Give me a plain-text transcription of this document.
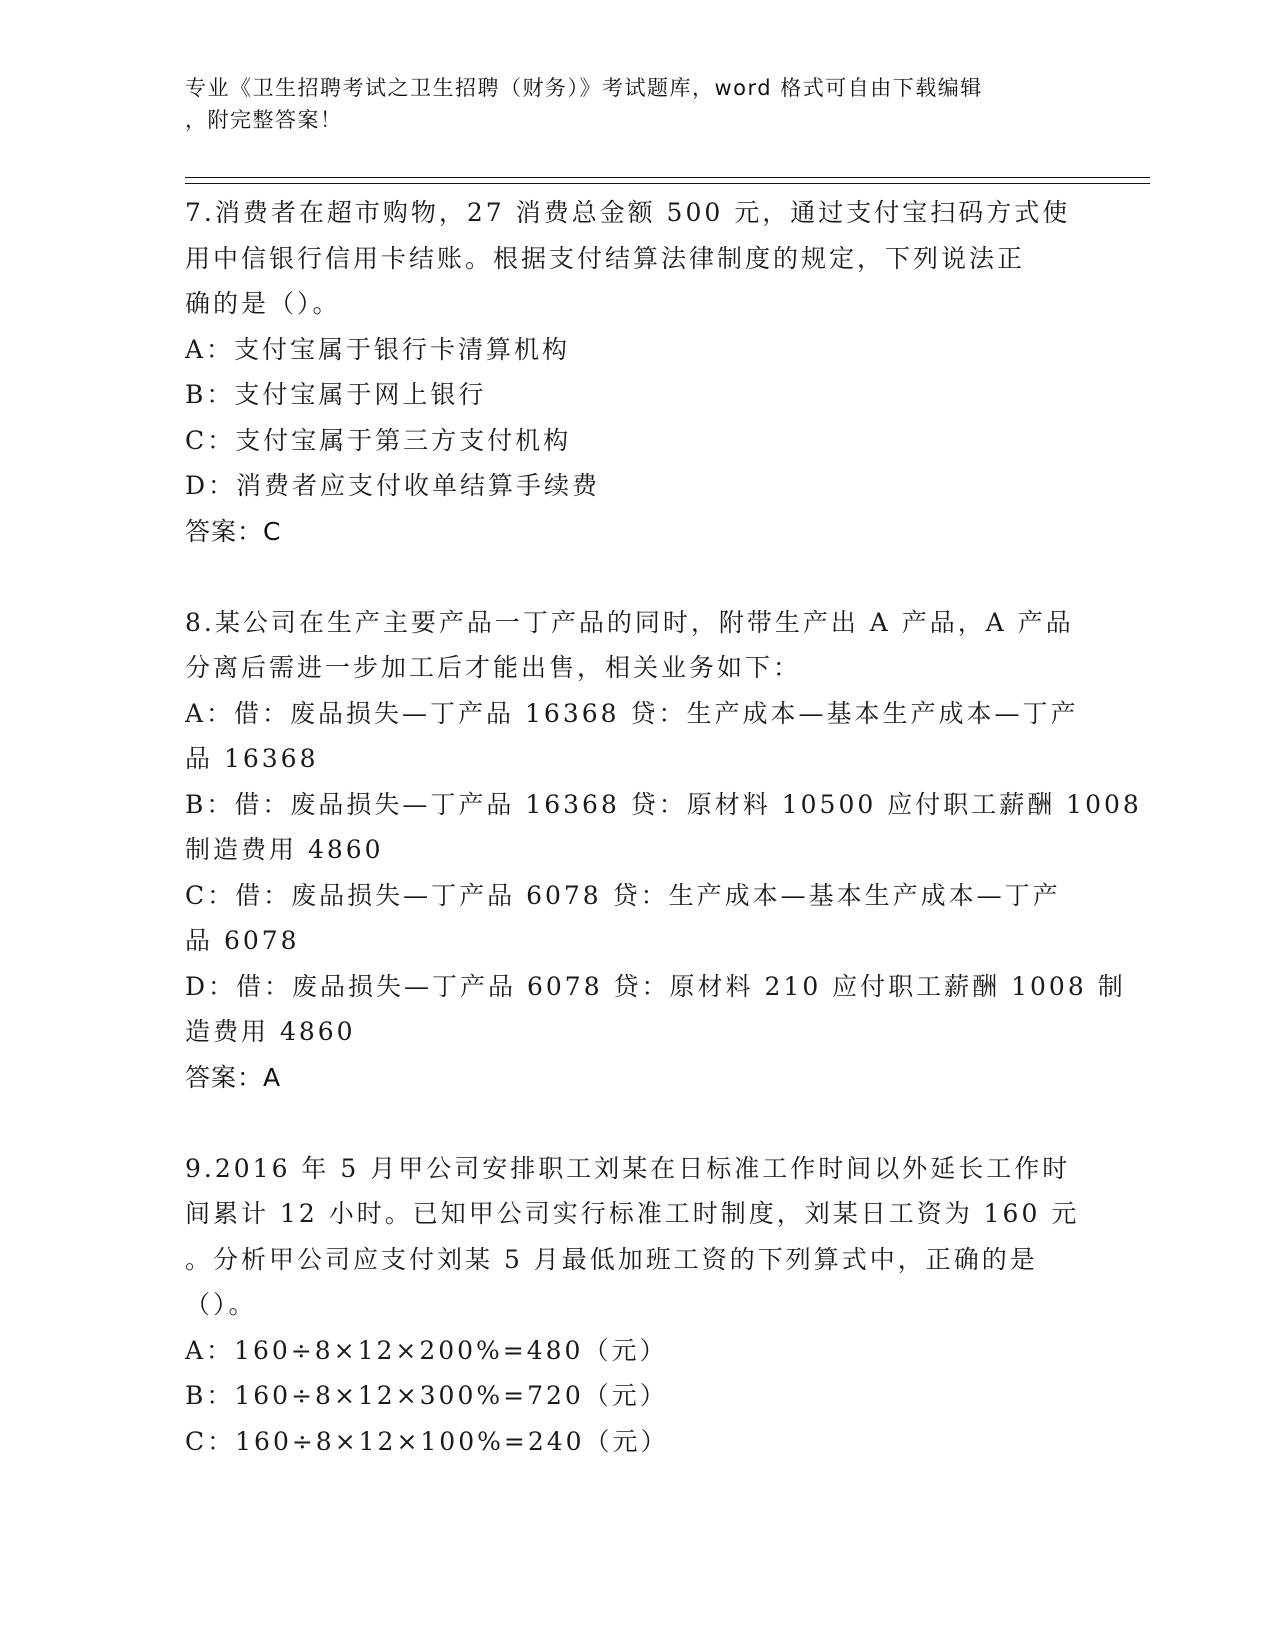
专业《卫生招聘考试之卫生招聘（财务）》考试题库，word 格式可自由下载编辑
，附完整答案！
7.消费者在超市购物，27 消费总金额 500 元，通过支付宝扫码方式使
用中信银行信用卡结账。根据支付结算法律制度的规定，下列说法正
确的是（）。
A：支付宝属于银行卡清算机构
B：支付宝属于网上银行
C：支付宝属于第三方支付机构
D：消费者应支付收单结算手续费
答案：C
8.某公司在生产主要产品一丁产品的同时，附带生产出 A 产品，A 产品
分离后需进一步加工后才能出售，相关业务如下：
A：借：废品损失—丁产品 16368 贷：生产成本—基本生产成本—丁产
品 16368
B：借：废品损失—丁产品 16368 贷：原材料 10500 应付职工薪酬 1008
制造费用 4860
C：借：废品损失—丁产品 6078 贷：生产成本—基本生产成本—丁产
品 6078
D：借：废品损失—丁产品 6078 贷：原材料 210 应付职工薪酬 1008 制
造费用 4860
答案：A
9.2016 年 5 月甲公司安排职工刘某在日标准工作时间以外延长工作时
间累计 12 小时。已知甲公司实行标准工时制度，刘某日工资为 160 元
。分析甲公司应支付刘某 5 月最低加班工资的下列算式中，正确的是
（）。
A：160÷8×12×200%=480（元）
B：160÷8×12×300%=720（元）
C：160÷8×12×100%=240（元）
